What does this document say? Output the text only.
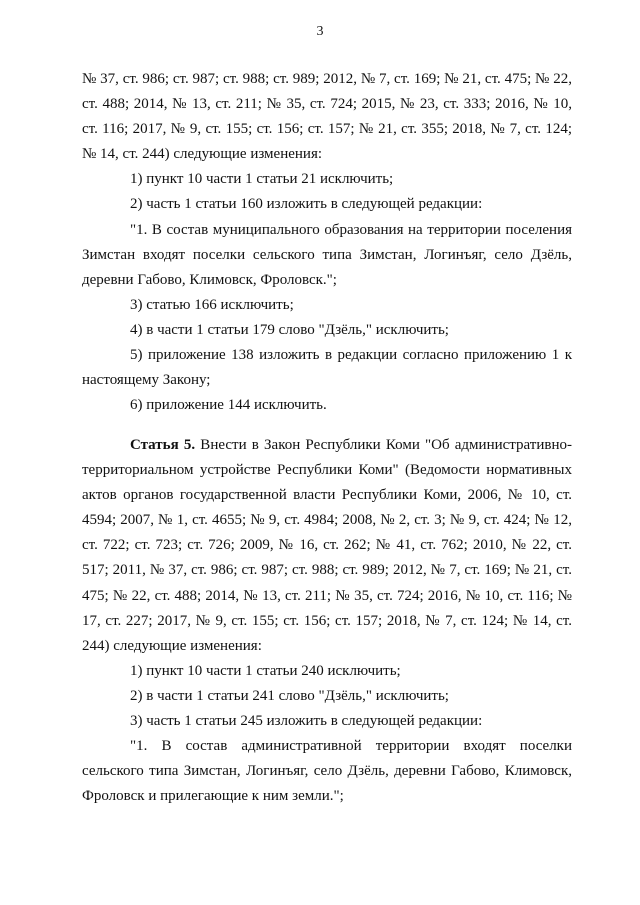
3

№ 37, ст. 986; ст. 987; ст. 988; ст. 989; 2012, № 7, ст. 169; № 21, ст. 475; № 22, ст. 488; 2014, № 13, ст. 211; № 35, ст. 724; 2015, № 23, ст. 333; 2016, № 10, ст. 116; 2017, № 9, ст. 155; ст. 156; ст. 157; № 21, ст. 355; 2018, № 7, ст. 124; № 14, ст. 244) следующие изменения:

1) пункт 10 части 1 статьи 21 исключить;

2) часть 1 статьи 160 изложить в следующей редакции:

"1. В состав муниципального образования на территории поселения Зимстан входят поселки сельского типа Зимстан, Логинъяг, село Дзёль, деревни Габово, Климовск, Фроловск.";

3) статью 166 исключить;

4) в части 1 статьи 179 слово "Дзёль," исключить;

5) приложение 138 изложить в редакции согласно приложению 1 к настоящему Закону;

6) приложение 144 исключить.

Статья 5. Внести в Закон Республики Коми "Об административно-территориальном устройстве Республики Коми" (Ведомости нормативных актов органов государственной власти Республики Коми, 2006, № 10, ст. 4594; 2007, № 1, ст. 4655; № 9, ст. 4984; 2008, № 2, ст. 3; № 9, ст. 424; № 12, ст. 722; ст. 723; ст. 726; 2009, № 16, ст. 262; № 41, ст. 762; 2010, № 22, ст. 517; 2011, № 37, ст. 986; ст. 987; ст. 988; ст. 989; 2012, № 7, ст. 169; № 21, ст. 475; № 22, ст. 488; 2014, № 13, ст. 211; № 35, ст. 724; 2016, № 10, ст. 116; № 17, ст. 227; 2017, № 9, ст. 155; ст. 156; ст. 157; 2018, № 7, ст. 124; № 14, ст. 244) следующие изменения:

1) пункт 10 части 1 статьи 240 исключить;

2) в части 1 статьи 241 слово "Дзёль," исключить;

3) часть 1 статьи 245 изложить в следующей редакции:

"1. В состав административной территории входят поселки сельского типа Зимстан, Логинъяг, село Дзёль, деревни Габово, Климовск, Фроловск и прилегающие к ним земли.";
